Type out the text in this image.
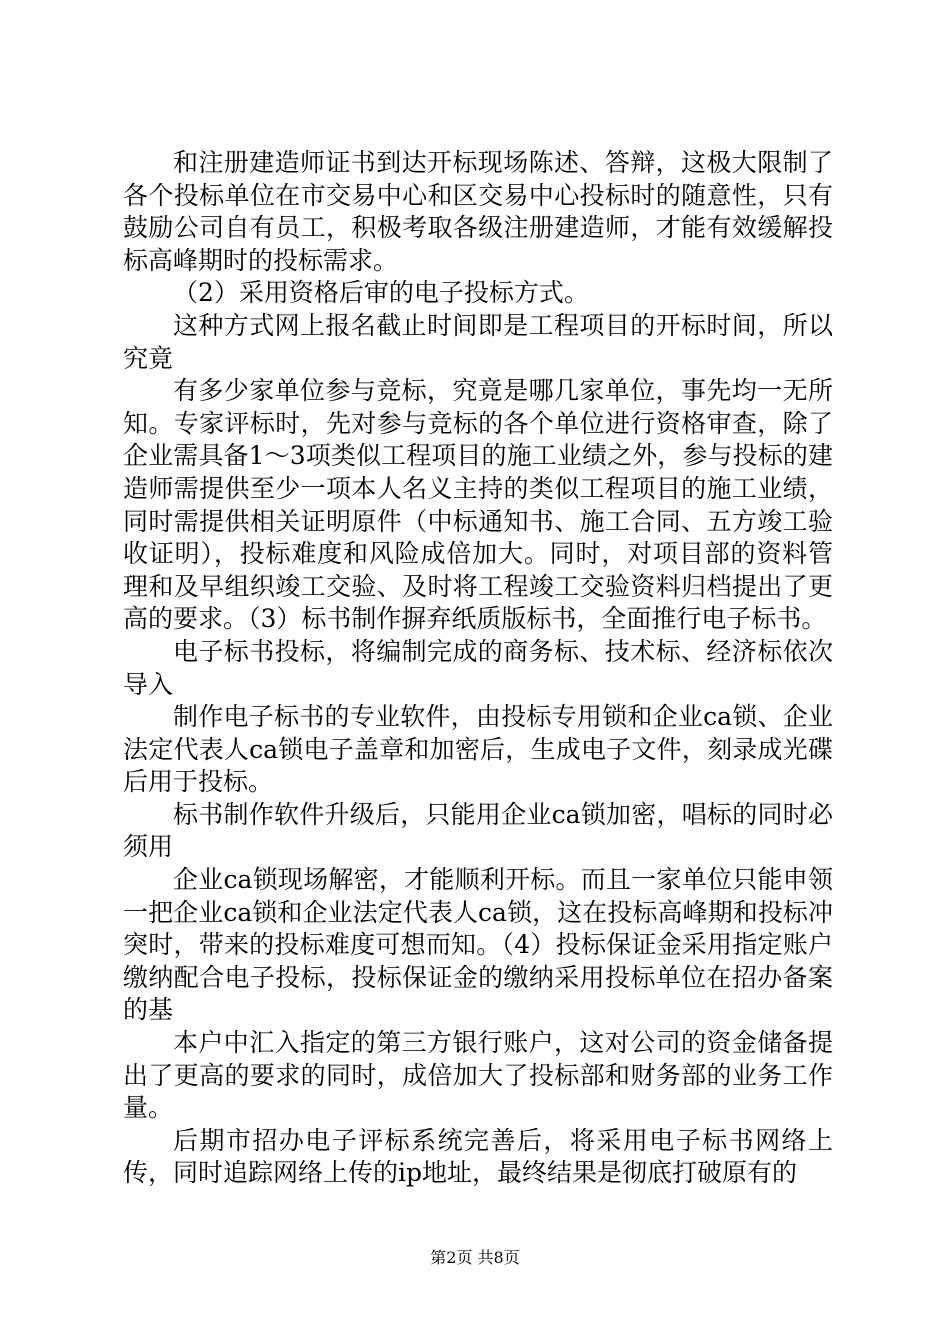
和注册建造师证书到达开标现场陈述、答辩，这极大限制了各个投标单位在市交易中心和区交易中心投标时的随意性，只有鼓励公司自有员工，积极考取各级注册建造师，才能有效缓解投标高峰期时的投标需求。

（2）采用资格后审的电子投标方式。

这种方式网上报名截止时间即是工程项目的开标时间，所以究竟

有多少家单位参与竞标，究竟是哪几家单位，事先均一无所知。专家评标时，先对参与竞标的各个单位进行资格审查，除了企业需具备1～3项类似工程项目的施工业绩之外，参与投标的建造师需提供至少一项本人名义主持的类似工程项目的施工业绩，同时需提供相关证明原件（中标通知书、施工合同、五方竣工验收证明），投标难度和风险成倍加大。同时，对项目部的资料管理和及早组织竣工交验、及时将工程竣工交验资料归档提出了更高的要求。（3）标书制作摒弃纸质版标书，全面推行电子标书。

电子标书投标，将编制完成的商务标、技术标、经济标依次导入

制作电子标书的专业软件，由投标专用锁和企业ca锁、企业法定代表人ca锁电子盖章和加密后，生成电子文件，刻录成光碟后用于投标。

标书制作软件升级后，只能用企业ca锁加密，唱标的同时必须用

企业ca锁现场解密，才能顺利开标。而且一家单位只能申领一把企业ca锁和企业法定代表人ca锁，这在投标高峰期和投标冲突时，带来的投标难度可想而知。（4）投标保证金采用指定账户缴纳配合电子投标，投标保证金的缴纳采用投标单位在招办备案的基

本户中汇入指定的第三方银行账户，这对公司的资金储备提出了更高的要求的同时，成倍加大了投标部和财务部的业务工作量。

后期市招办电子评标系统完善后，将采用电子标书网络上传，同时追踪网络上传的ip地址，最终结果是彻底打破原有的

第2页 共8页
